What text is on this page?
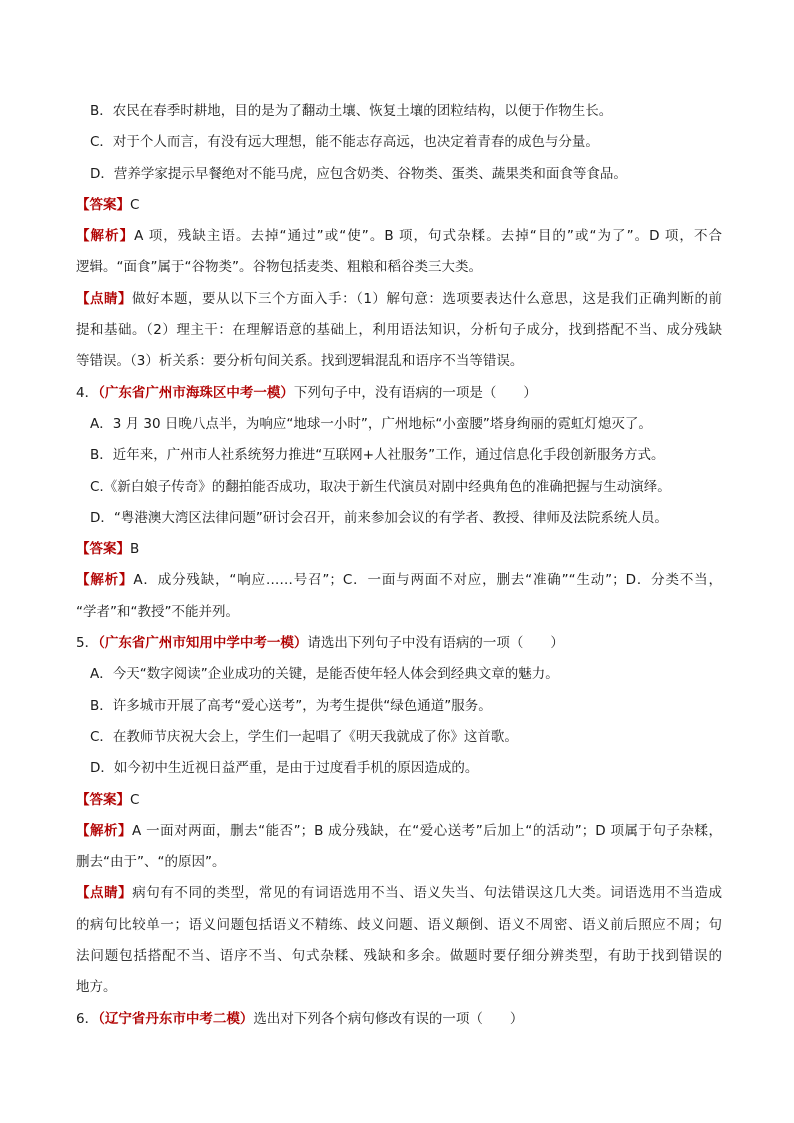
B．农民在春季时耕地，目的是为了翻动土壤、恢复土壤的团粒结构，以便于作物生长。

C．对于个人而言，有没有远大理想，能不能志存高远，也决定着青春的成色与分量。

D．营养学家提示早餐绝对不能马虎，应包含奶类、谷物类、蛋类、蔬果类和面食等食品。

【答案】C

【解析】A 项，残缺主语。去掉“通过”或“使”。B 项，句式杂糅。去掉“目的”或“为了”。D 项，不合

逻辑。“面食”属于“谷物类”。谷物包括麦类、粗粮和稻谷类三大类。

【点睛】做好本题，要从以下三个方面入手：（1）解句意：选项要表达什么意思，这是我们正确判断的前

提和基础。（2）理主干：在理解语意的基础上，利用语法知识，分析句子成分，找到搭配不当、成分残缺

等错误。（3）析关系：要分析句间关系。找到逻辑混乱和语序不当等错误。

4．（广东省广州市海珠区中考一模）下列句子中，没有语病的一项是（　　）

A．3 月 30 日晚八点半，为响应“地球一小时”，广州地标“小蛮腰”塔身绚丽的霓虹灯熄灭了。

B．近年来，广州市人社系统努力推进“互联网+人社服务”工作，通过信息化手段创新服务方式。

C.《新白娘子传奇》的翻拍能否成功，取决于新生代演员对剧中经典角色的准确把握与生动演绎。

D．“粤港澳大湾区法律问题”研讨会召开，前来参加会议的有学者、教授、律师及法院系统人员。

【答案】B

【解析】A．成分残缺，“响应……号召”；C．一面与两面不对应，删去“准确”“生动”；D．分类不当，

“学者”和“教授”不能并列。

5．（广东省广州市知用中学中考一模）请选出下列句子中没有语病的一项（　　）

A．今天“数字阅读”企业成功的关键，是能否使年轻人体会到经典文章的魅力。

B．许多城市开展了高考“爱心送考”，为考生提供“绿色通道”服务。

C．在教师节庆祝大会上，学生们一起唱了《明天我就成了你》这首歌。

D．如今初中生近视日益严重，是由于过度看手机的原因造成的。

【答案】C

【解析】A 一面对两面，删去“能否”；B 成分残缺，在“爱心送考”后加上“的活动”；D 项属于句子杂糅，

删去“由于”、“的原因”。

【点睛】病句有不同的类型，常见的有词语选用不当、语义失当、句法错误这几大类。词语选用不当造成

的病句比较单一；语义问题包括语义不精练、歧义问题、语义颠倒、语义不周密、语义前后照应不周；句

法问题包括搭配不当、语序不当、句式杂糅、残缺和多余。做题时要仔细分辨类型，有助于找到错误的

地方。

6．（辽宁省丹东市中考二模）选出对下列各个病句修改有误的一项（　　）
